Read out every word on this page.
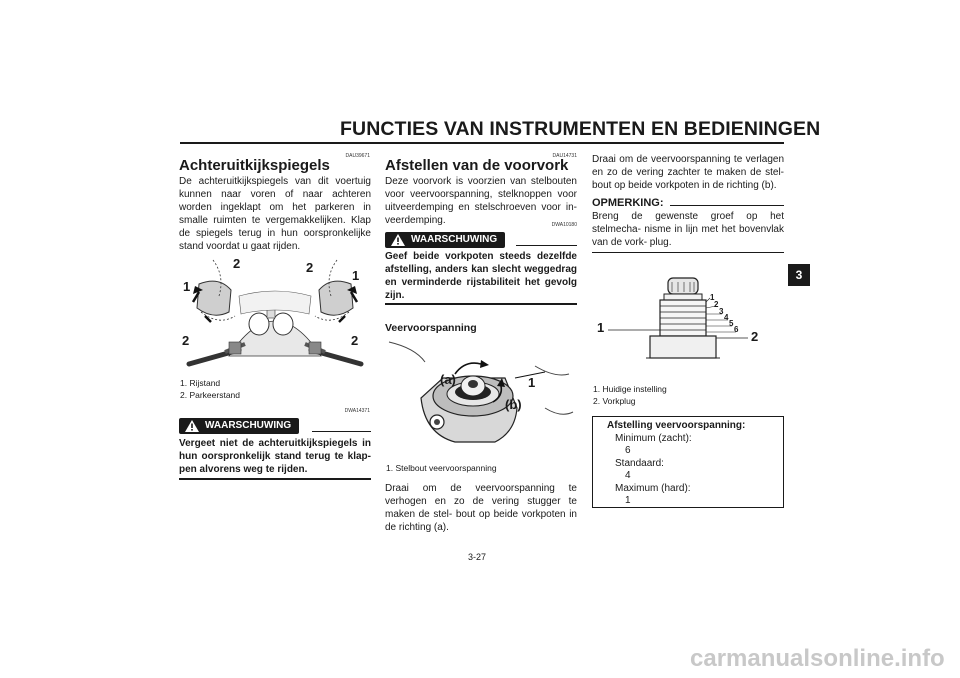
FUNCTIES VAN INSTRUMENTEN EN BEDIENINGEN
3
DAU39671
Achteruitkijkspiegels
De achteruitkijkspiegels van dit voertuig kunnen naar voren of naar achteren worden ingeklapt om het parkeren in smalle ruimten te vergemakkelijken. Klap de spiegels terug in hun oorspronkelijke stand voordat u gaat rijden.
1
2	2
1
2	2
1. Rijstand
2. Parkeerstand
DWA14371
WAARSCHUWING
Vergeet niet de achteruitkijkspiegels in hun oorspronkelijk stand terug te klap- pen alvorens weg te rijden.
DAU14731
Afstellen van de voorvork
Deze voorvork is voorzien van stelbouten voor veervoorspanning, stelknoppen voor uitveerdemping en stelschroeven voor in- veerdemping.	DWA10180
WAARSCHUWING
Geef beide vorkpoten steeds dezelfde afstelling, anders kan slecht weggedrag en verminderde rijstabiliteit het gevolg zijn.
Veervoorspanning
(a)
(b)
1
1. Stelbout veervoorspanning
Draai om de veervoorspanning te verhogen en zo de vering stugger te maken de stel- bout op beide vorkpoten in de richting (a).
Draai om de veervoorspanning te verlagen en zo de vering zachter te maken de stel- bout op beide vorkpoten in de richting (b).
OPMERKING:
Breng de gewenste groef op het stelmecha- nisme in lijn met het bovenvlak van de vork- plug.
1
2
1
2
3
4
5
6
1. Huidige instelling
2. Vorkplug
Afstelling veervoorspanning:
Minimum (zacht):
6
Standaard:
4
Maximum (hard):
1
3-27
carmanualsonline.info
